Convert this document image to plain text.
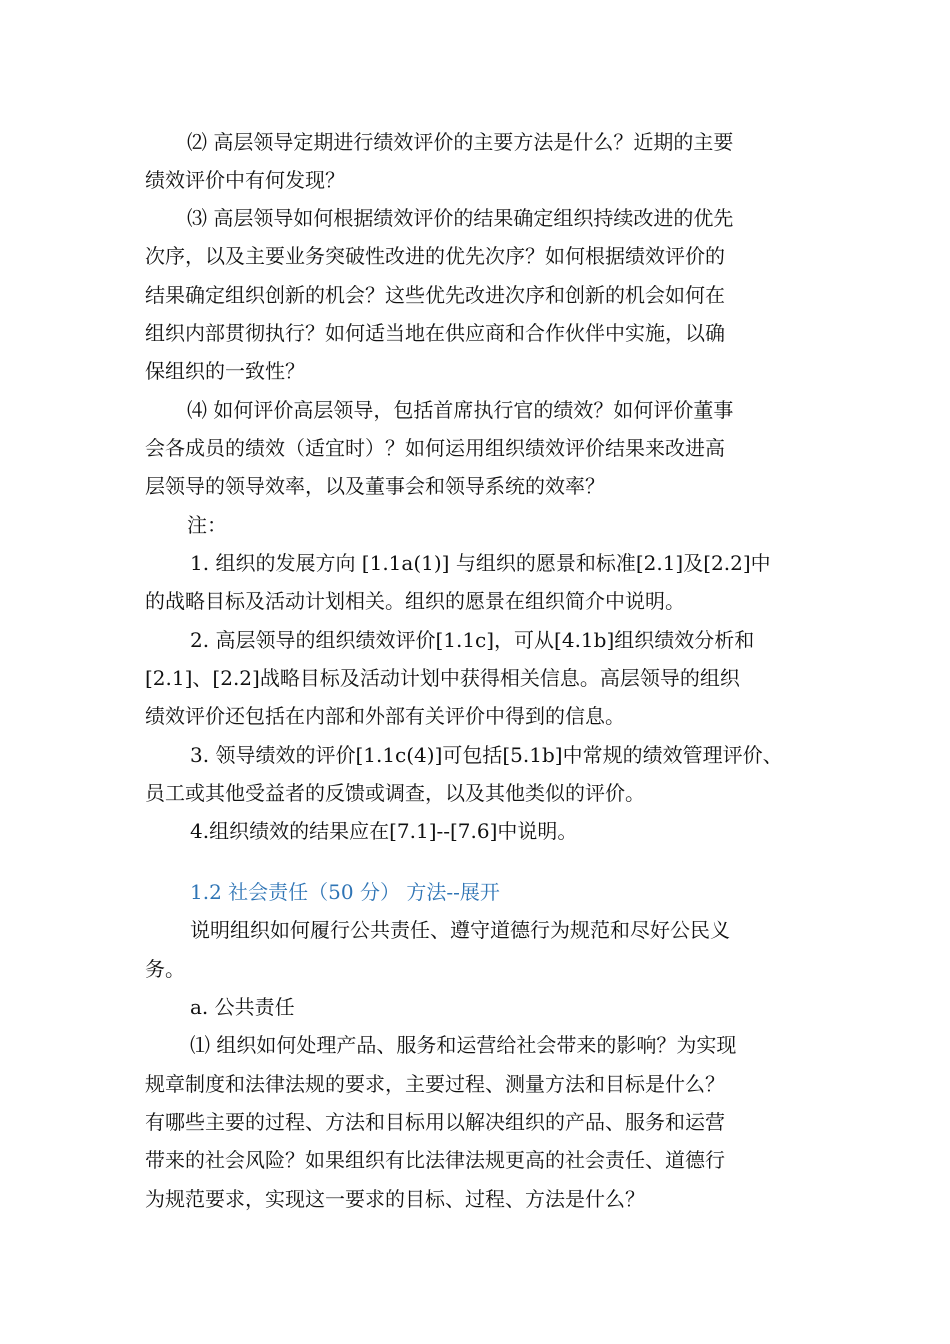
⑵ 高层领导定期进行绩效评价的主要方法是什么？近期的主要
绩效评价中有何发现？
⑶ 高层领导如何根据绩效评价的结果确定组织持续改进的优先
次序，以及主要业务突破性改进的优先次序？如何根据绩效评价的
结果确定组织创新的机会？这些优先改进次序和创新的机会如何在
组织内部贯彻执行？如何适当地在供应商和合作伙伴中实施，以确
保组织的一致性？
⑷ 如何评价高层领导，包括首席执行官的绩效？如何评价董事
会各成员的绩效（适宜时）？如何运用组织绩效评价结果来改进高
层领导的领导效率，以及董事会和领导系统的效率？
注：
1. 组织的发展方向 [1.1a(1)] 与组织的愿景和标准[2.1]及[2.2]中
的战略目标及活动计划相关。组织的愿景在组织简介中说明。
2. 高层领导的组织绩效评价[1.1c]，可从[4.1b]组织绩效分析和
[2.1]、[2.2]战略目标及活动计划中获得相关信息。高层领导的组织
绩效评价还包括在内部和外部有关评价中得到的信息。
3. 领导绩效的评价[1.1c(4)]可包括[5.1b]中常规的绩效管理评价、
员工或其他受益者的反馈或调查，以及其他类似的评价。
4.组织绩效的结果应在[7.1]--[7.6]中说明。
1.2 社会责任（50 分） 方法--展开
说明组织如何履行公共责任、遵守道德行为规范和尽好公民义
务。
a. 公共责任
⑴ 组织如何处理产品、服务和运营给社会带来的影响？为实现
规章制度和法律法规的要求，主要过程、测量方法和目标是什么？
有哪些主要的过程、方法和目标用以解决组织的产品、服务和运营
带来的社会风险？如果组织有比法律法规更高的社会责任、道德行
为规范要求，实现这一要求的目标、过程、方法是什么？
